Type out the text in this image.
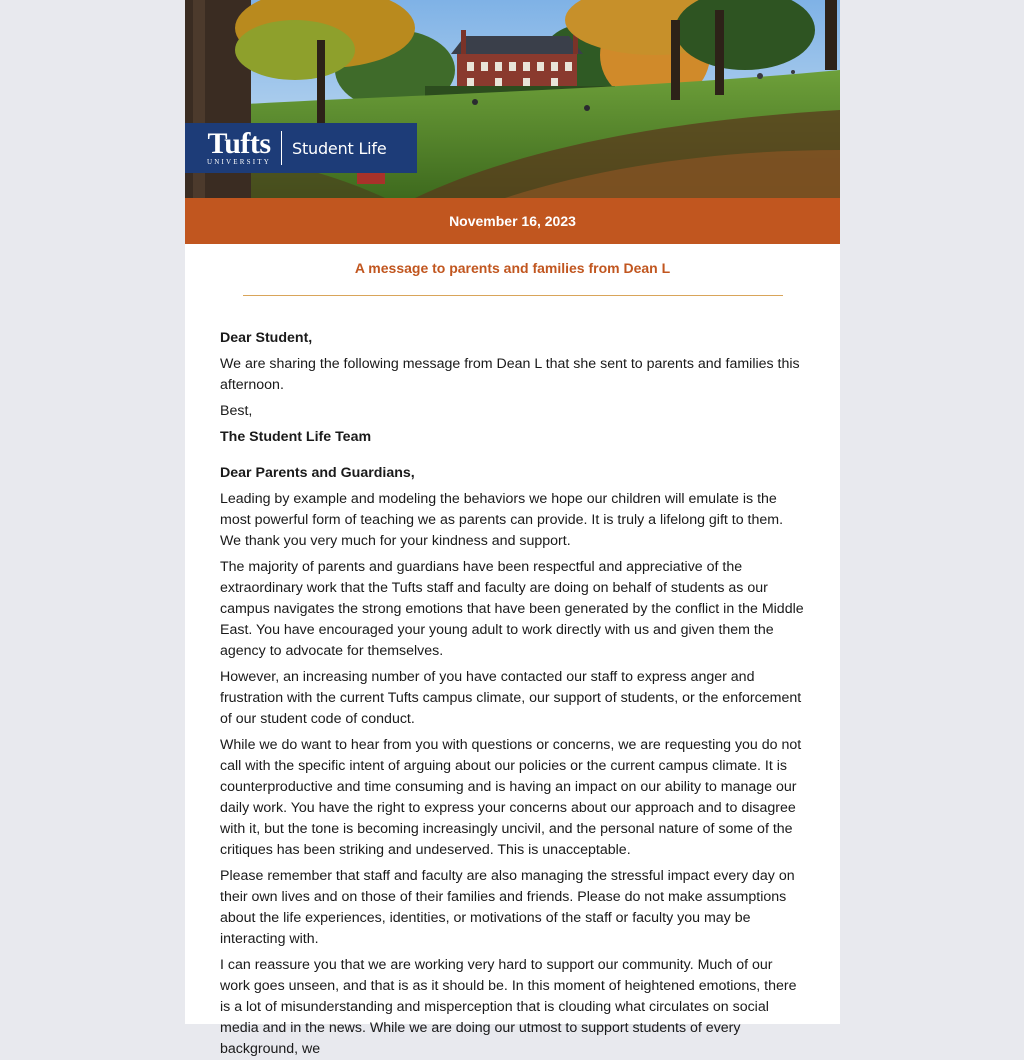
Tufts
UNIVERSITY
Student Life
November 16, 2023
A message to parents and families from Dean L

Dear Student,

We are sharing the following message from Dean L that she sent to parents and families this afternoon.

Best,

The Student Life Team

Dear Parents and Guardians,

Leading by example and modeling the behaviors we hope our children will emulate is the most powerful form of teaching we as parents can provide. It is truly a lifelong gift to them. We thank you very much for your kindness and support.

The majority of parents and guardians have been respectful and appreciative of the extraordinary work that the Tufts staff and faculty are doing on behalf of students as our campus navigates the strong emotions that have been generated by the conflict in the Middle East. You have encouraged your young adult to work directly with us and given them the agency to advocate for themselves.

However, an increasing number of you have contacted our staff to express anger and frustration with the current Tufts campus climate, our support of students, or the enforcement of our student code of conduct.

While we do want to hear from you with questions or concerns, we are requesting you do not call with the specific intent of arguing about our policies or the current campus climate. It is counterproductive and time consuming and is having an impact on our ability to manage our daily work. You have the right to express your concerns about our approach and to disagree with it, but the tone is becoming increasingly uncivil, and the personal nature of some of the critiques has been striking and undeserved. This is unacceptable.

Please remember that staff and faculty are also managing the stressful impact every day on their own lives and on those of their families and friends. Please do not make assumptions about the life experiences, identities, or motivations of the staff or faculty you may be interacting with.

I can reassure you that we are working very hard to support our community. Much of our work goes unseen, and that is as it should be. In this moment of heightened emotions, there is a lot of misunderstanding and misperception that is clouding what circulates on social media and in the news. While we are doing our utmost to support students of every background, we
